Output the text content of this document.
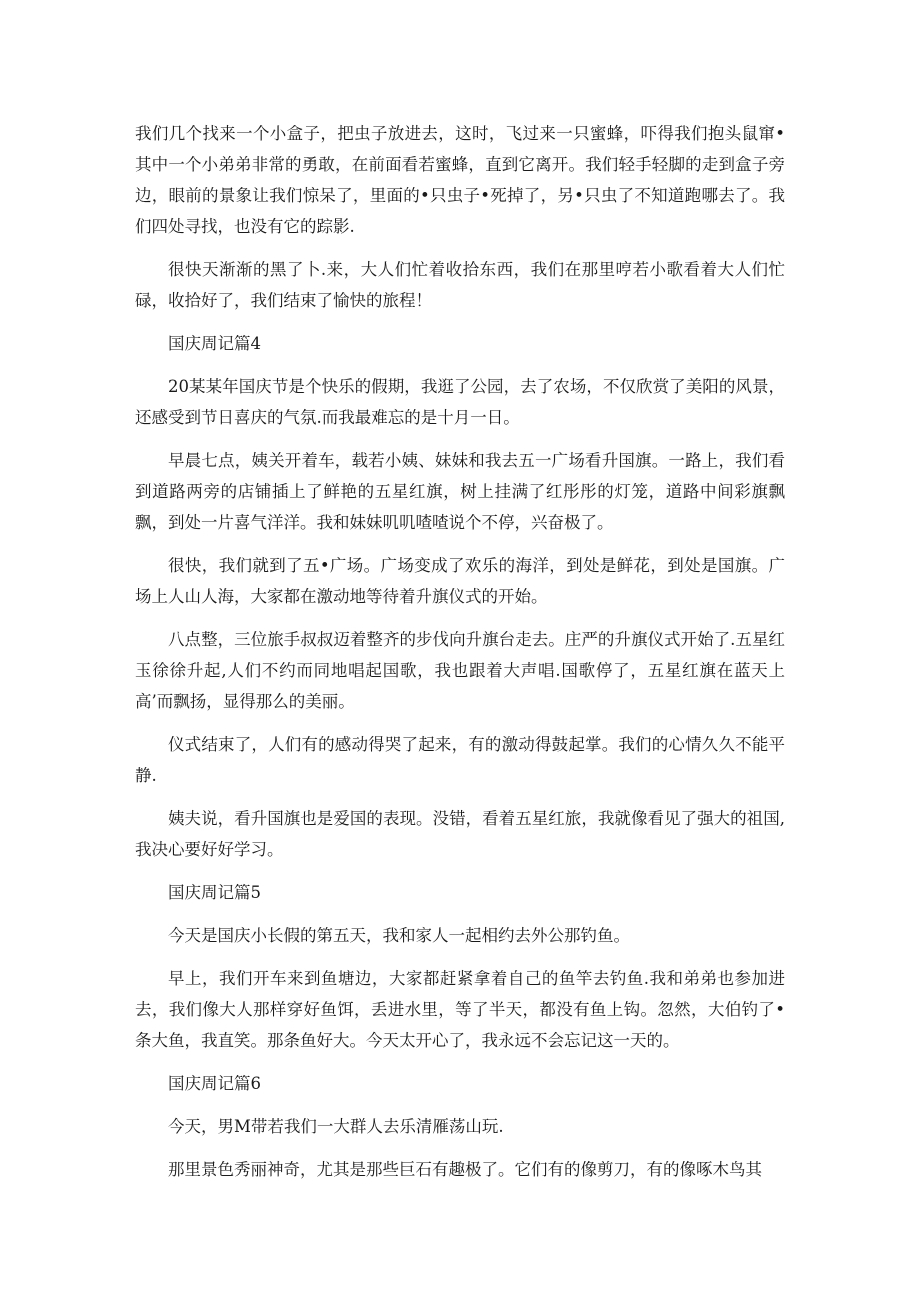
我们几个找来一个小盒子，把虫子放进去，这时，飞过来一只蜜蜂，吓得我们抱头鼠窜•其中一个小弟弟非常的勇敢，在前面看若蜜蜂，直到它离开。我们轻手轻脚的走到盒子旁边，眼前的景象让我们惊呆了，里面的•只虫子•死掉了，另•只虫了不知道跑哪去了。我们四处寻找，也没有它的踪影.

很快天渐渐的黑了卜.来，大人们忙着收拾东西，我们在那里哼若小歌看着大人们忙碌，收拾好了，我们结束了愉快的旅程！

国庆周记篇4

20某某年国庆节是个快乐的假期，我逛了公园，去了农场，不仅欣赏了美阳的风景，还感受到节日喜庆的气氛.而我最难忘的是十月一日。

早晨七点，姨关开着车，载若小姨、妹妹和我去五一广场看升国旗。一路上，我们看到道路两旁的店铺插上了鲜艳的五星红旗，树上挂满了红彤彤的灯笼，道路中间彩旗飘飘，到处一片喜气洋洋。我和妹妹叽叽喳喳说个不停，兴奋极了。

很快，我们就到了五•广场。广场变成了欢乐的海洋，到处是鲜花，到处是国旗。广场上人山人海，大家都在激动地等待着升旗仪式的开始。

八点整，三位旅手叔叔迈着整齐的步伐向升旗台走去。庄严的升旗仪式开始了.五星红玉徐徐升起,人们不约而同地唱起国歌，我也跟着大声唱.国歌停了，五星红旗在蓝天上高’而飘扬，显得那么的美丽。

仪式结束了，人们有的感动得哭了起来，有的激动得鼓起掌。我们的心情久久不能平静.

姨夫说，看升国旗也是爱国的表现。没错，看着五星红旅，我就像看见了强大的祖国,我决心要好好学习。

国庆周记篇5

今天是国庆小长假的第五天，我和家人一起相约去外公那钓鱼。

早上，我们开车来到鱼塘边，大家都赶紧拿着自己的鱼竿去钓鱼.我和弟弟也参加进去，我们像大人那样穿好鱼饵，丢进水里，等了半天，都没有鱼上钩。忽然，大伯钓了•条大鱼，我直笑。那条鱼好大。今天太开心了，我永远不会忘记这一天的。

国庆周记篇6

今天，男M带若我们一大群人去乐清雁荡山玩.

那里景色秀丽神奇，尤其是那些巨石有趣极了。它们有的像剪刀，有的像啄木鸟其
